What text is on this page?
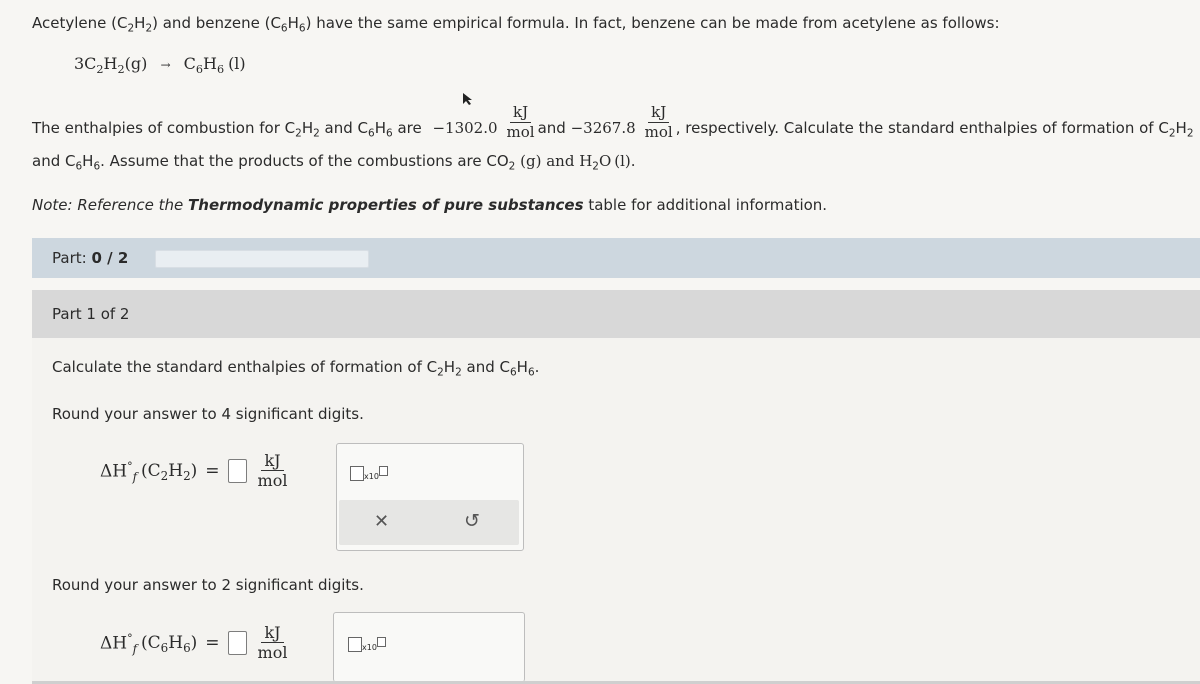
Acetylene $(C_2H_2)$ and benzene $(C_6H_6)$ have the same empirical formula. In fact, benzene can be made from acetylene as follows:
$3C_2H_2(g) \to C_6H_6$ (l)
The enthalpies of combustion for $C_2H_2$ and $C_6H_6$ are $-1302.0 \frac{kJ}{\text{mol}}$ and $-3267.8 \frac{kJ}{\text{mol}}$ , respectively. Calculate the standard enthalpies of formation of $C_2H_2$
and $C_6H_6$. Assume that the products of the combustions are $CO_2$ (g) and $H_2O$ (l).
Note: Reference the Thermodynamic properties of pure substances table for additional information.
Part: 0 / 2
Part 1 of 2
Calculate the standard enthalpies of formation of $C_2H_2$ and $C_6H_6$.
Round your answer to 4 significant digits.
$\Delta H^\circ_f$ $(C_2H_2) = \frac{kJ}{\text{mol}}$	x10
✕	↺
Round your answer to 2 significant digits.
$\Delta H^\circ_f$ $(C_6H_6) = \frac{kJ}{\text{mol}}$	x10
